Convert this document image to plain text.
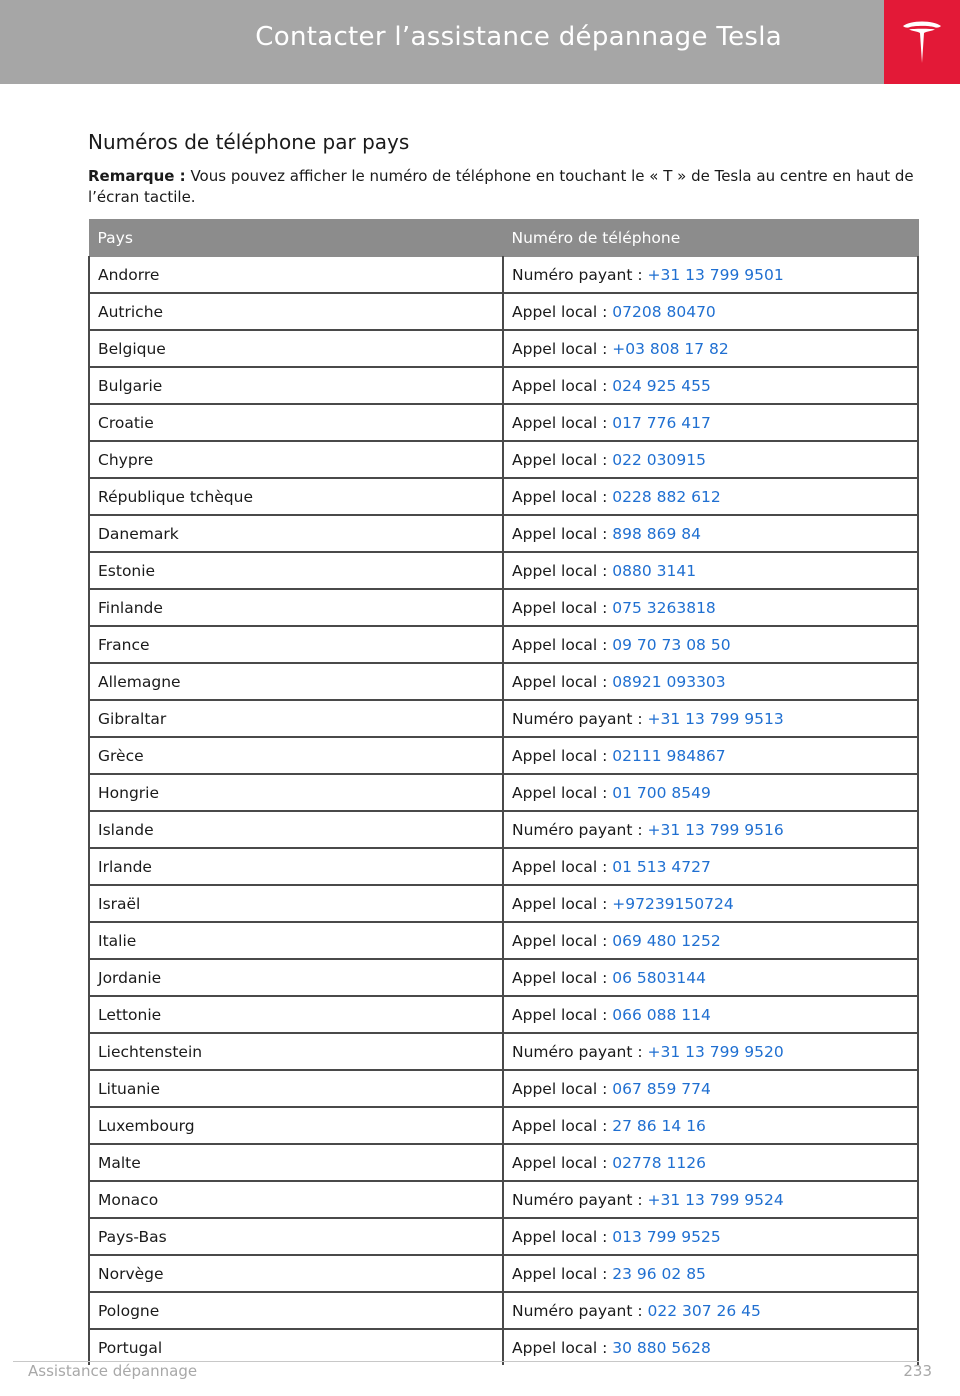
Contacter l’assistance dépannage Tesla
Numéros de téléphone par pays
Remarque : Vous pouvez afficher le numéro de téléphone en touchant le « T » de Tesla au centre en haut de l’écran tactile.
Pays	Numéro de téléphone
Andorre	Numéro payant : +31 13 799 9501
Autriche	Appel local : 07208 80470
Belgique	Appel local : +03 808 17 82
Bulgarie	Appel local : 024 925 455
Croatie	Appel local : 017 776 417
Chypre	Appel local : 022 030915
République tchèque	Appel local : 0228 882 612
Danemark	Appel local : 898 869 84
Estonie	Appel local : 0880 3141
Finlande	Appel local : 075 3263818
France	Appel local : 09 70 73 08 50
Allemagne	Appel local : 08921 093303
Gibraltar	Numéro payant : +31 13 799 9513
Grèce	Appel local : 02111 984867
Hongrie	Appel local : 01 700 8549
Islande	Numéro payant : +31 13 799 9516
Irlande	Appel local : 01 513 4727
Israël	Appel local : +97239150724
Italie	Appel local : 069 480 1252
Jordanie	Appel local : 06 5803144
Lettonie	Appel local : 066 088 114
Liechtenstein	Numéro payant : +31 13 799 9520
Lituanie	Appel local : 067 859 774
Luxembourg	Appel local : 27 86 14 16
Malte	Appel local : 02778 1126
Monaco	Numéro payant : +31 13 799 9524
Pays-Bas	Appel local : 013 799 9525
Norvège	Appel local : 23 96 02 85
Pologne	Numéro payant : 022 307 26 45
Portugal	Appel local : 30 880 5628
Assistance dépannage	233
